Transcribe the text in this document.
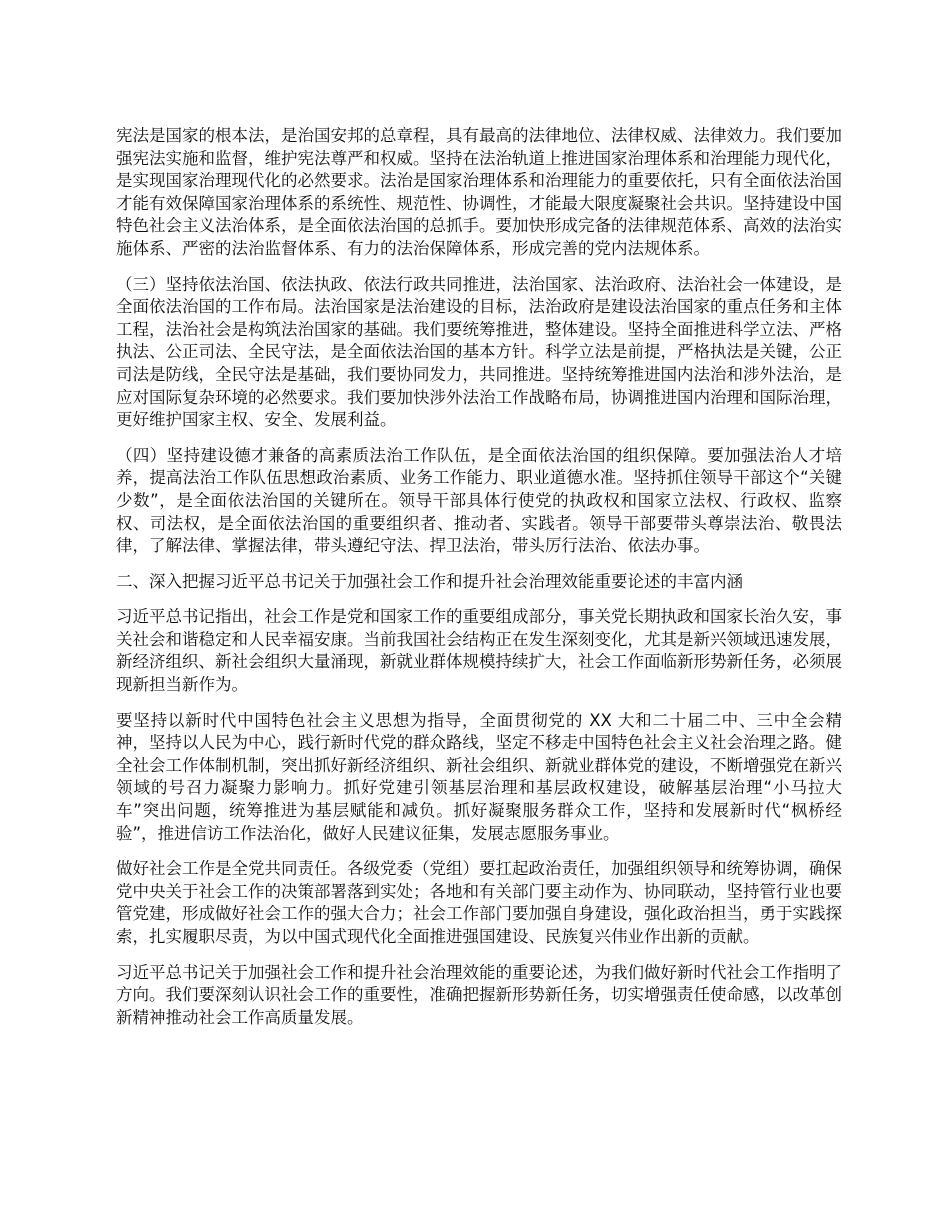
宪法是国家的根本法，是治国安邦的总章程，具有最高的法律地位、法律权威、法律效力。我们要加强宪法实施和监督，维护宪法尊严和权威。坚持在法治轨道上推进国家治理体系和治理能力现代化，是实现国家治理现代化的必然要求。法治是国家治理体系和治理能力的重要依托，只有全面依法治国才能有效保障国家治理体系的系统性、规范性、协调性，才能最大限度凝聚社会共识。坚持建设中国特色社会主义法治体系，是全面依法治国的总抓手。要加快形成完备的法律规范体系、高效的法治实施体系、严密的法治监督体系、有力的法治保障体系，形成完善的党内法规体系。

（三）坚持依法治国、依法执政、依法行政共同推进，法治国家、法治政府、法治社会一体建设，是全面依法治国的工作布局。法治国家是法治建设的目标，法治政府是建设法治国家的重点任务和主体工程，法治社会是构筑法治国家的基础。我们要统筹推进，整体建设。坚持全面推进科学立法、严格执法、公正司法、全民守法，是全面依法治国的基本方针。科学立法是前提，严格执法是关键，公正司法是防线，全民守法是基础，我们要协同发力，共同推进。坚持统筹推进国内法治和涉外法治，是应对国际复杂环境的必然要求。我们要加快涉外法治工作战略布局，协调推进国内治理和国际治理，更好维护国家主权、安全、发展利益。

（四）坚持建设德才兼备的高素质法治工作队伍，是全面依法治国的组织保障。要加强法治人才培养，提高法治工作队伍思想政治素质、业务工作能力、职业道德水准。坚持抓住领导干部这个“关键少数”，是全面依法治国的关键所在。领导干部具体行使党的执政权和国家立法权、行政权、监察权、司法权，是全面依法治国的重要组织者、推动者、实践者。领导干部要带头尊崇法治、敬畏法律，了解法律、掌握法律，带头遵纪守法、捍卫法治，带头厉行法治、依法办事。

二、深入把握习近平总书记关于加强社会工作和提升社会治理效能重要论述的丰富内涵

习近平总书记指出，社会工作是党和国家工作的重要组成部分，事关党长期执政和国家长治久安，事关社会和谐稳定和人民幸福安康。当前我国社会结构正在发生深刻变化，尤其是新兴领域迅速发展，新经济组织、新社会组织大量涌现，新就业群体规模持续扩大，社会工作面临新形势新任务，必须展现新担当新作为。

要坚持以新时代中国特色社会主义思想为指导，全面贯彻党的 XX 大和二十届二中、三中全会精神，坚持以人民为中心，践行新时代党的群众路线，坚定不移走中国特色社会主义社会治理之路。健全社会工作体制机制，突出抓好新经济组织、新社会组织、新就业群体党的建设，不断增强党在新兴领域的号召力凝聚力影响力。抓好党建引领基层治理和基层政权建设，破解基层治理“小马拉大车”突出问题，统筹推进为基层赋能和减负。抓好凝聚服务群众工作，坚持和发展新时代“枫桥经验”，推进信访工作法治化，做好人民建议征集，发展志愿服务事业。

做好社会工作是全党共同责任。各级党委（党组）要扛起政治责任，加强组织领导和统筹协调，确保党中央关于社会工作的决策部署落到实处；各地和有关部门要主动作为、协同联动，坚持管行业也要管党建，形成做好社会工作的强大合力；社会工作部门要加强自身建设，强化政治担当，勇于实践探索，扎实履职尽责，为以中国式现代化全面推进强国建设、民族复兴伟业作出新的贡献。

习近平总书记关于加强社会工作和提升社会治理效能的重要论述，为我们做好新时代社会工作指明了方向。我们要深刻认识社会工作的重要性，准确把握新形势新任务，切实增强责任使命感，以改革创新精神推动社会工作高质量发展。
